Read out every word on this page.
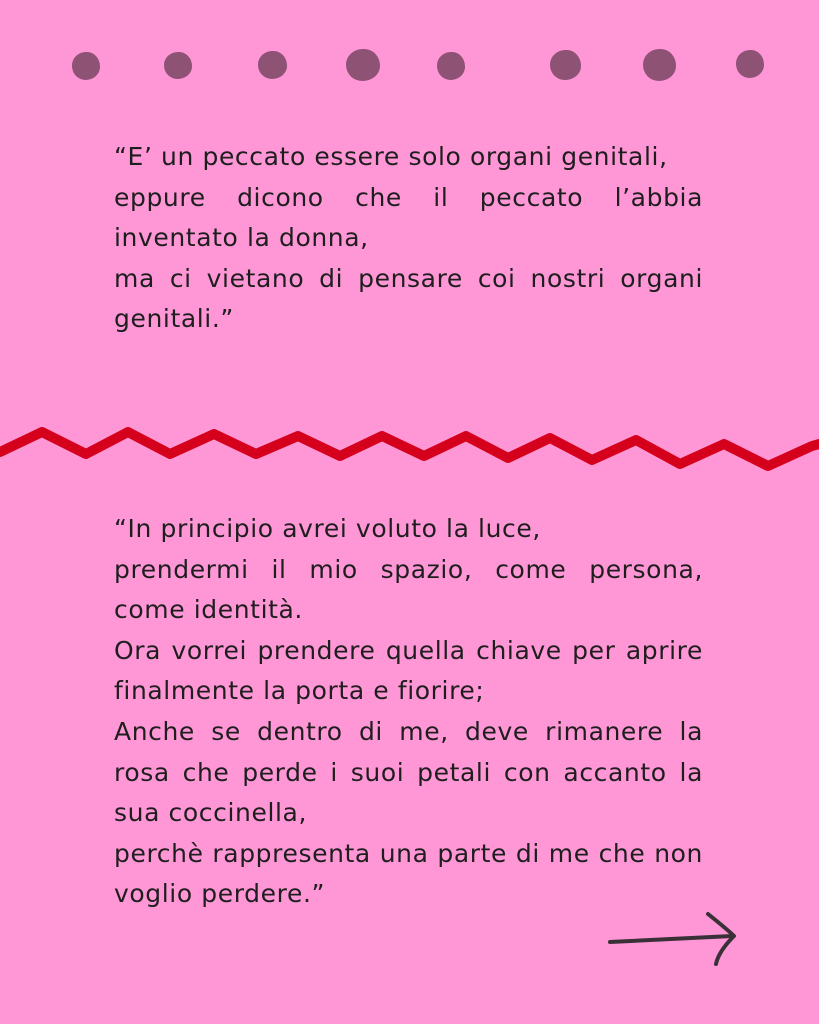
“E’ un peccato essere solo organi genitali,
eppure dicono che il peccato l’abbia inventato la donna,
ma ci vietano di pensare coi nostri organi genitali.”

“In principio avrei voluto la luce,
prendermi il mio spazio, come persona, come identità.
Ora vorrei prendere quella chiave per aprire finalmente la porta e fiorire;
Anche se dentro di me, deve rimanere la rosa che perde i suoi petali con accanto la sua coccinella,
perchè rappresenta una parte di me che non voglio perdere.”
